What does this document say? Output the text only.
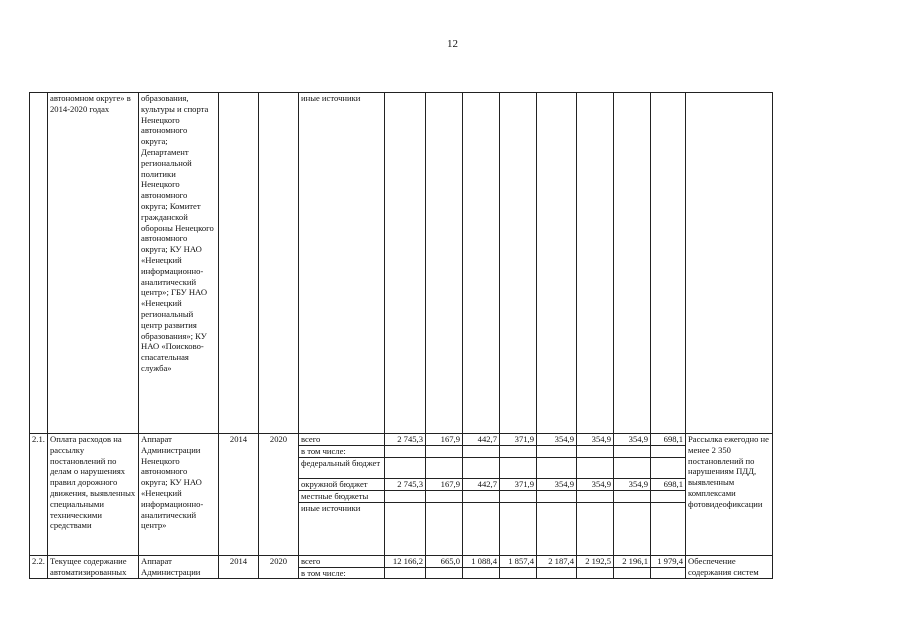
12
	автономном округе» в 2014-2020 годах	образования, культуры и спорта Ненецкого автономного округа; Департамент региональной политики Ненецкого автономного округа; Комитет гражданской обороны Ненецкого автономного округа; КУ НАО «Ненецкий информационно-аналитический центр»; ГБУ НАО «Ненецкий региональный центр развития образования»; КУ НАО «Поисково-спасательная служба»			иные источники									
2.1.	Оплата расходов на рассылку постановлений по делам о нарушениях правил дорожного движения, выявленных специальными техническими средствами	Аппарат Администрации Ненецкого автономного округа; КУ НАО «Ненецкий информационно-аналитический центр»	2014	2020	всего	2 745,3	167,9	442,7	371,9	354,9	354,9	354,9	698,1	Рассылка ежегодно не менее 2 350 постановлений по нарушениям ПДД, выявленным комплексами фотовидеофиксации
					в том числе:									
					федеральный бюджет									
					окружной бюджет	2 745,3	167,9	442,7	371,9	354,9	354,9	354,9	698,1	
					местные бюджеты									
					иные источники									
2.2.	Текущее содержание автоматизированных	Аппарат Администрации	2014	2020	всего	12 166,2	665,0	1 088,4	1 857,4	2 187,4	2 192,5	2 196,1	1 979,4	Обеспечение содержания систем
					в том числе:									
